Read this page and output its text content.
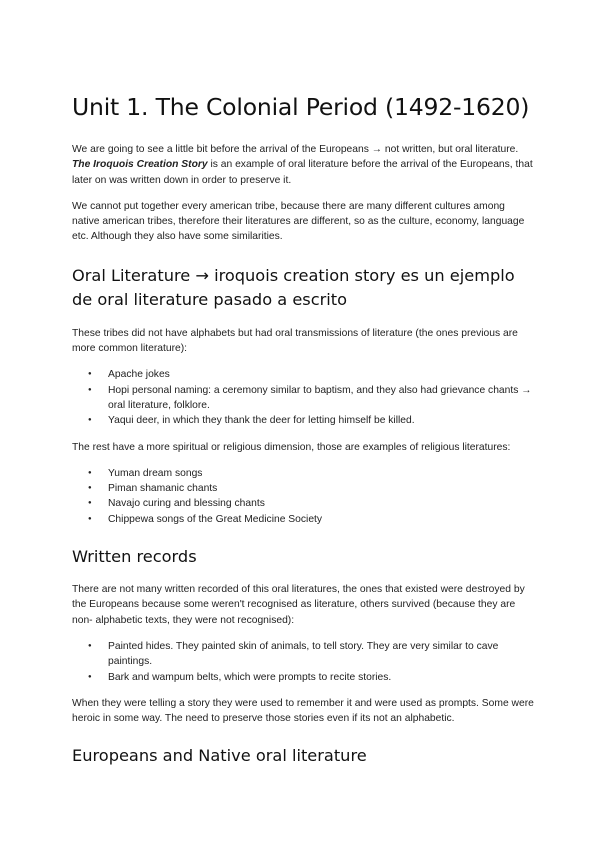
Unit 1. The Colonial Period (1492-1620)

We are going to see a little bit before the arrival of the Europeans → not written, but oral literature. The Iroquois Creation Story is an example of oral literature before the arrival of the Europeans, that later on was written down in order to preserve it.

We cannot put together every american tribe, because there are many different cultures among native american tribes, therefore their literatures are different, so as the culture, economy, language etc. Although they also have some similarities.

Oral Literature → iroquois creation story es un ejemplo de oral literature pasado a escrito

These tribes did not have alphabets but had oral transmissions of literature (the ones previous are more common literature):

● Apache jokes
● Hopi personal naming: a ceremony similar to baptism, and they also had grievance chants → oral literature, folklore.
● Yaqui deer, in which they thank the deer for letting himself be killed.

The rest have a more spiritual or religious dimension, those are examples of religious literatures:

● Yuman dream songs
● Piman shamanic chants
● Navajo curing and blessing chants
● Chippewa songs of the Great Medicine Society
Written records

There are not many written recorded of this oral literatures, the ones that existed were destroyed by the Europeans because some weren't recognised as literature, others survived (because they are non- alphabetic texts, they were not recognised):

● Painted hides. They painted skin of animals, to tell story. They are very similar to cave paintings.
● Bark and wampum belts, which were prompts to recite stories.

When they were telling a story they were used to remember it and were used as prompts. Some were heroic in some way. The need to preserve those stories even if its not an alphabetic.

Europeans and Native oral literature
